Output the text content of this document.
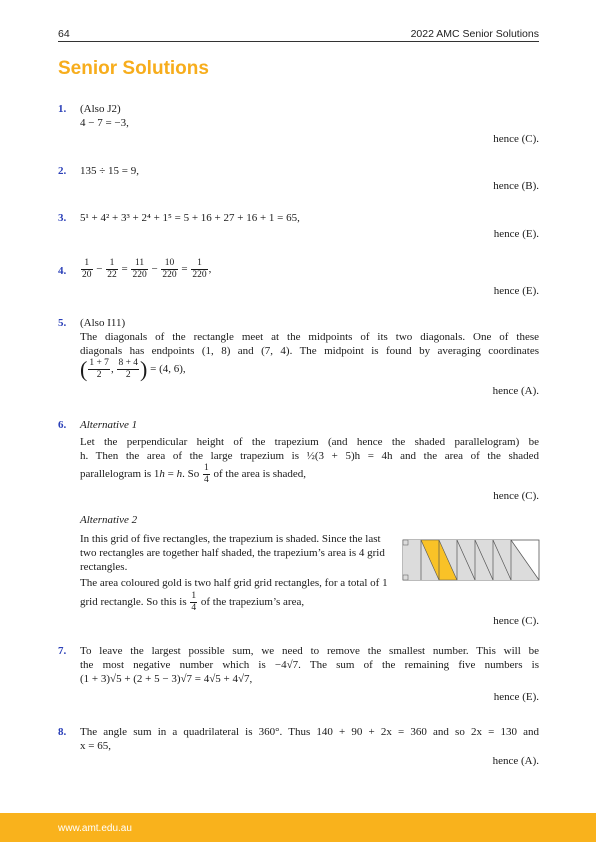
64	2022 AMC Senior Solutions
Senior Solutions
1. (Also J2)
4 − 7 = −3,
hence (C).
2. 135 ÷ 15 = 9,
hence (B).
3. 5¹ + 4² + 3³ + 2⁴ + 1⁵ = 5 + 16 + 27 + 16 + 1 = 65,
hence (E).
4. $\frac{1}{20} - \frac{1}{22} = \frac{11}{220} - \frac{10}{220} = \frac{1}{220}$ ,
hence (E).
5. (Also I11)
The diagonals of the rectangle meet at the midpoints of its two diagonals. One of these
diagonals has endpoints (1, 8) and (7, 4). The midpoint is found by averaging coordinates
( $\frac{1 + 7}{2}$ , $\frac{8 + 4}{2}$ ) = (4, 6),
hence (A).
6. Alternative 1
Let the perpendicular height of the trapezium (and hence the shaded parallelogram) be
h. Then the area of the large trapezium is ½(3 + 5)h = 4h and the area of the shaded
parallelogram is 1h = h. So $\frac{1}{4}$ of the area is shaded,
hence (C).
Alternative 2
In this grid of five rectangles, the trapezium is shaded. Since the last
two rectangles are together half shaded, the trapezium’s area is 4 grid
rectangles.
The area coloured gold is two half grid grid rectangles, for a total of 1
grid rectangle. So this is $\frac{1}{4}$ of the trapezium’s area,
hence (C).
7. To leave the largest possible sum, we need to remove the smallest number. This will be
the most negative number which is −4√7. The sum of the remaining five numbers is
(1 + 3)√5 + (2 + 5 − 3)√7 = 4√5 + 4√7,
hence (E).
8. The angle sum in a quadrilateral is 360°. Thus 140 + 90 + 2x = 360 and so 2x = 130 and
x = 65,
hence (A).
www.amt.edu.au
